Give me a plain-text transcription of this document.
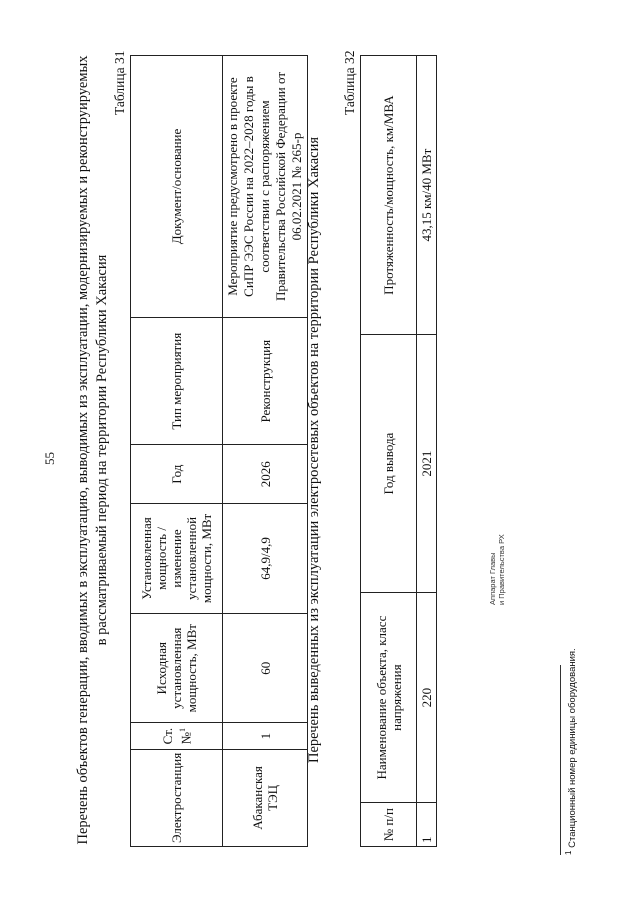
55 Перечень объектов генерации, вводимых в эксплуатацию, выводимых из эксплуатации, модернизируемых и реконструируемых в рассматриваемый период на территории Республики Хакасия
Таблица 31
Электростанция	Ст. №$^1$	Исходная установленная мощность, МВт	Установленная мощность / изменение установленной мощности, МВт	Год	Тип мероприятия	Документ/основание
Абаканская ТЭЦ	1	60	64,9/4,9	2026	Реконструкция	Мероприятие предусмотрено в проекте СиПР ЭЭС России на 2022–2028 годы в соответствии с распоряжением Правительства Российской Федерации от 06.02.2021 № 265-р Перечень выведенных из эксплуатации электросетевых объектов на территории Республики Хакасия
Таблица 32
№ п/п	Наименование объекта, класс напряжения	Год вывода	Протяженность/мощность, км/МВА
1	220	2021	43,15 км/40 МВт
Аппарат Главы и Правительства РХ
$^1$ Станционный номер единицы оборудования.
